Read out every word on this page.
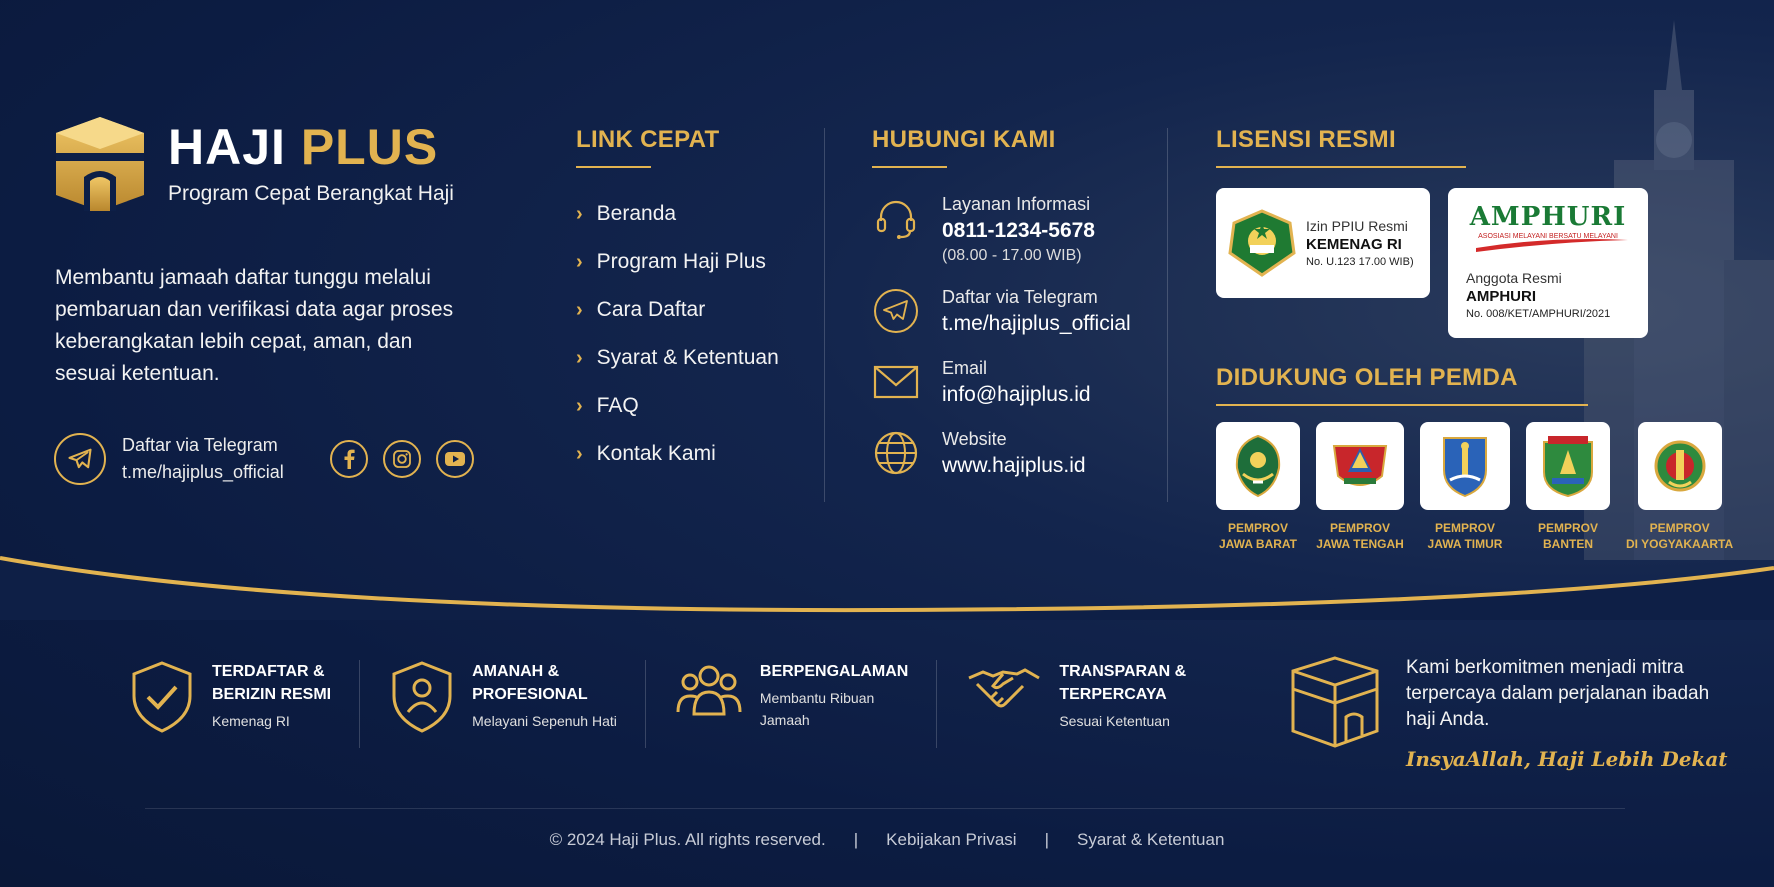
HAJI PLUS
Program Cepat Berangkat Haji
Membantu jamaah daftar tunggu melalui pembaruan dan verifikasi data agar proses keberangkatan lebih cepat, aman, dan sesuai ketentuan.
Daftar via Telegram
t.me/hajiplus_official
LINK CEPAT
› Beranda
› Program Haji Plus
› Cara Daftar
› Syarat & Ketentuan
› FAQ
› Kontak Kami
HUBUNGI KAMI
Layanan Informasi
0811-1234-5678
(08.00 - 17.00 WIB)
Daftar via Telegram
t.me/hajiplus_official
Email
info@hajiplus.id
Website
www.hajiplus.id
LISENSI RESMI
Izin PPIU Resmi
KEMENAG RI
No. U.123 17.00 WIB)
AMPHURI
ASOSIASI MELAYANI BERSATU MELAYANI
Anggota Resmi
AMPHURI
No. 008/KET/AMPHURI/2021
DIDUKUNG OLEH PEMDA
PEMPROV
JAWA BARAT
PEMPROV
JAWA TENGAH
PEMPROV
JAWA TIMUR
PEMPROV
BANTEN
PEMPROV
DI YOGYAKAARTA
TERDAFTAR &
BERIZIN RESMI
Kemenag RI
AMANAH &
PROFESIONAL
Melayani Sepenuh Hati
BERPENGALAMAN
Membantu Ribuan
Jamaah
TRANSPARAN &
TERPERCAYA
Sesuai Ketentuan
Kami berkomitmen menjadi mitra terpercaya dalam perjalanan ibadah haji Anda.
InsyaAllah, Haji Lebih Dekat
© 2024 Haji Plus. All rights reserved. | Kebijakan Privasi | Syarat & Ketentuan
